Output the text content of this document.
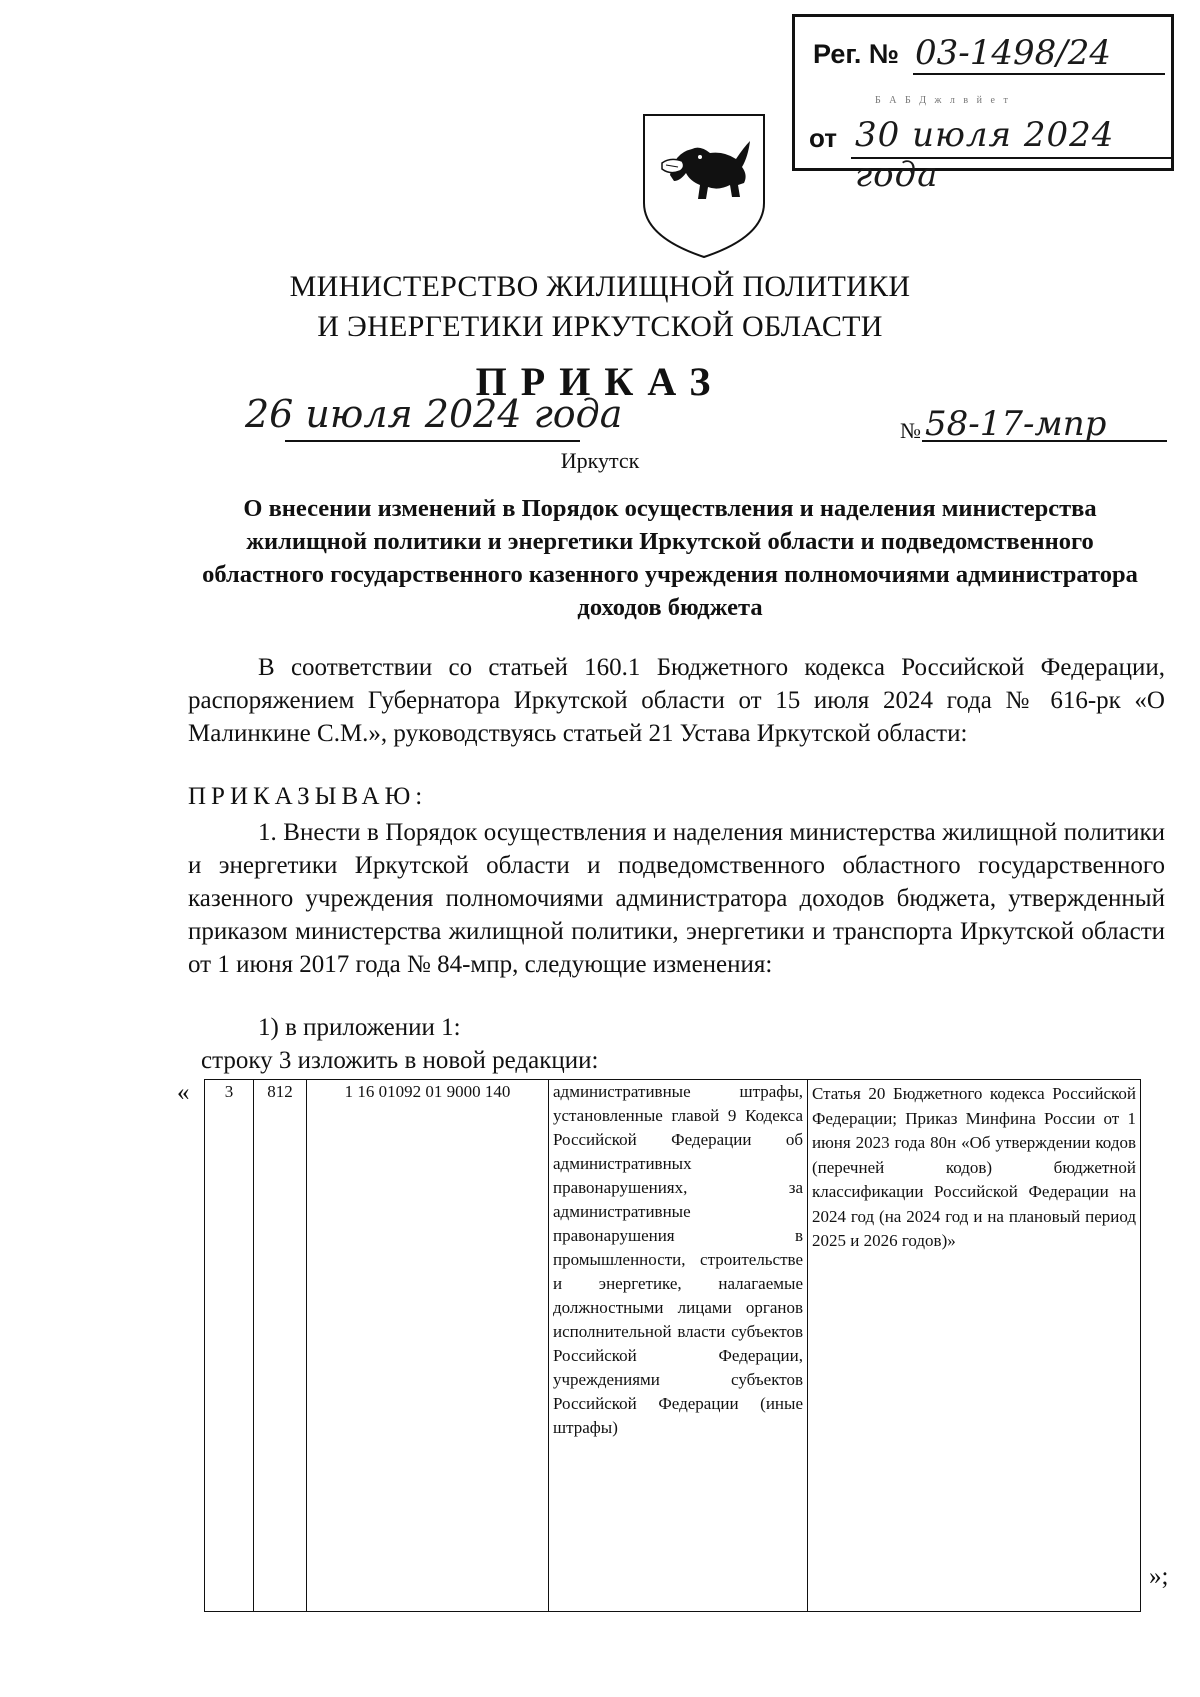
Рег. № 03-1498/24
Б А Б Д ж л в й е т
от 30 июля 2024 года
МИНИСТЕРСТВО ЖИЛИЩНОЙ ПОЛИТИКИ
И ЭНЕРГЕТИКИ ИРКУТСКОЙ ОБЛАСТИ
ПРИКАЗ
26 июля 2024 года	№ 58-17-мпр
Иркутск
О внесении изменений в Порядок осуществления и наделения министерства жилищной политики и энергетики Иркутской области и подведомственного областного государственного казенного учреждения полномочиями администратора доходов бюджета
В соответствии со статьей 160.1 Бюджетного кодекса Российской Федерации, распоряжением Губернатора Иркутской области от 15 июля 2024 года № 616-рк «О Малинкине С.М.», руководствуясь статьей 21 Устава Иркутской области:
ПРИКАЗЫВАЮ:
1. Внести в Порядок осуществления и наделения министерства жилищной политики и энергетики Иркутской области и подведомственного областного государственного казенного учреждения полномочиями администратора доходов бюджета, утвержденный приказом министерства жилищной политики, энергетики и транспорта Иркутской области от 1 июня 2017 года № 84-мпр, следующие изменения:
1) в приложении 1:
строку 3 изложить в новой редакции:
« 3	812	1 16 01092 01 9000 140	административные штрафы, установленные главой 9 Кодекса Российской Федерации об административных правонарушениях, за административные правонарушения в промышленности, строительстве и энергетике, налагаемые должностными лицами органов исполнительной власти субъектов Российской Федерации, учреждениями субъектов Российской Федерации (иные штрафы)	Статья 20 Бюджетного кодекса Российской Федерации; Приказ Минфина России от 1 июня 2023 года 80н «Об утверждении кодов (перечней кодов) бюджетной классификации Российской Федерации на 2024 год (на 2024 год и на плановый период 2025 и 2026 годов)»
»;
